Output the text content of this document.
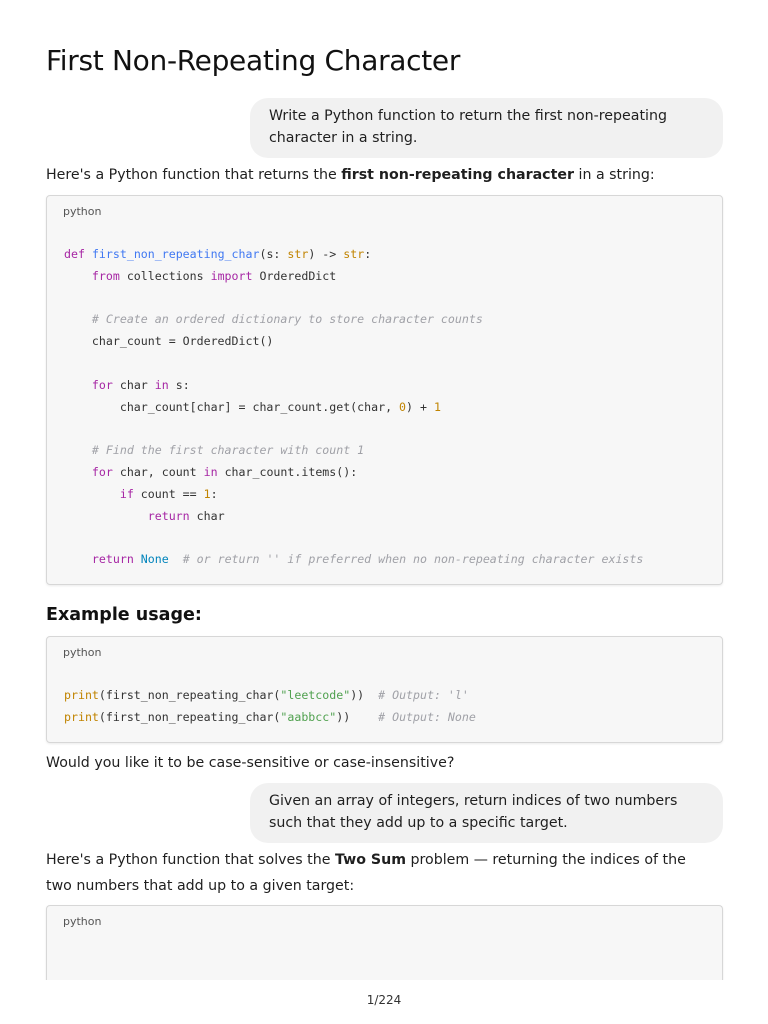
First Non-Repeating Character
Write a Python function to return the first non-repeating character in a string.

Here's a Python function that returns the first non-repeating character in a string:

python
def first_non_repeating_char(s: str) -> str:
from collections import OrderedDict
# Create an ordered dictionary to store character counts
char_count = OrderedDict()
for char in s:
char_count[char] = char_count.get(char, 0) + 1
# Find the first character with count 1
for char, count in char_count.items():
if count == 1:
return char
return None # or return '' if preferred when no non-repeating character exists
Example usage:
python
print(first_non_repeating_char("leetcode"))  # Output: 'l'
print(first_non_repeating_char("aabbcc"))    # Output: None

Would you like it to be case-sensitive or case-insensitive?

Given an array of integers, return indices of two numbers such that they add up to a specific target.

Here's a Python function that solves the Two Sum problem — returning the indices of the two numbers that add up to a given target:

python
1/224
